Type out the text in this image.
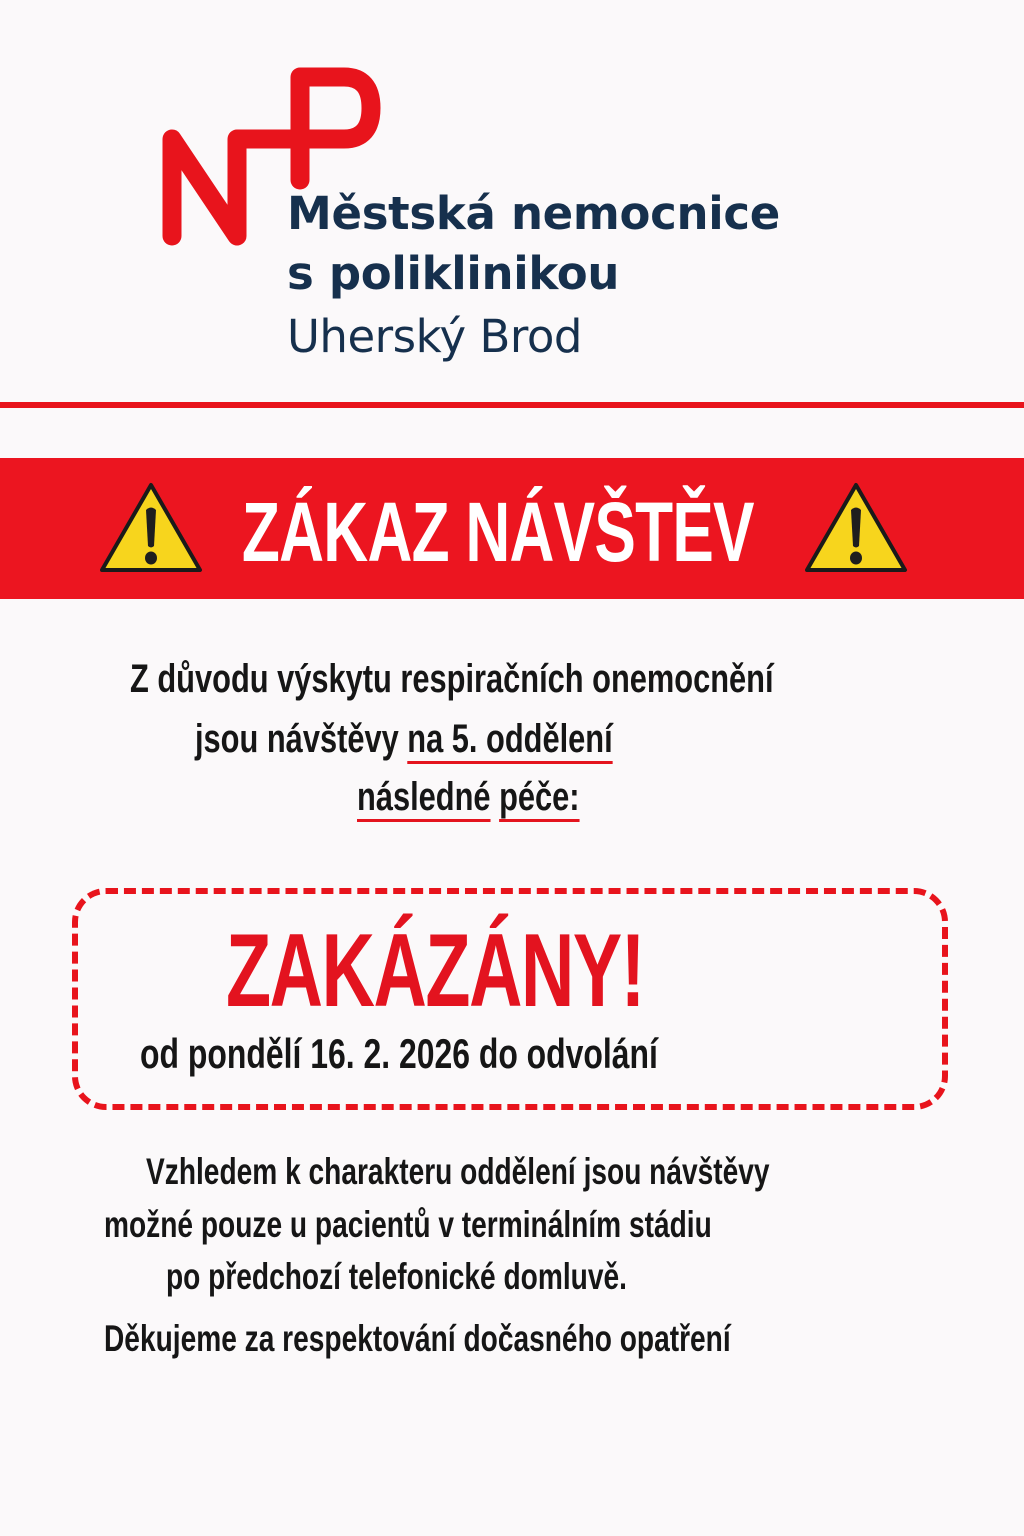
Městská nemocnice
s poliklinikou
Uherský Brod
ZÁKAZ NÁVŠTĚV
Z důvodu výskytu respiračních onemocnění
jsou návštěvy na 5. oddělení
následné péče:
ZAKÁZÁNY!
od pondělí 16. 2. 2026 do odvolání
Vzhledem k charakteru oddělení jsou návštěvy
možné pouze u pacientů v terminálním stádiu
po předchozí telefonické domluvě.
Děkujeme za respektování dočasného opatření
